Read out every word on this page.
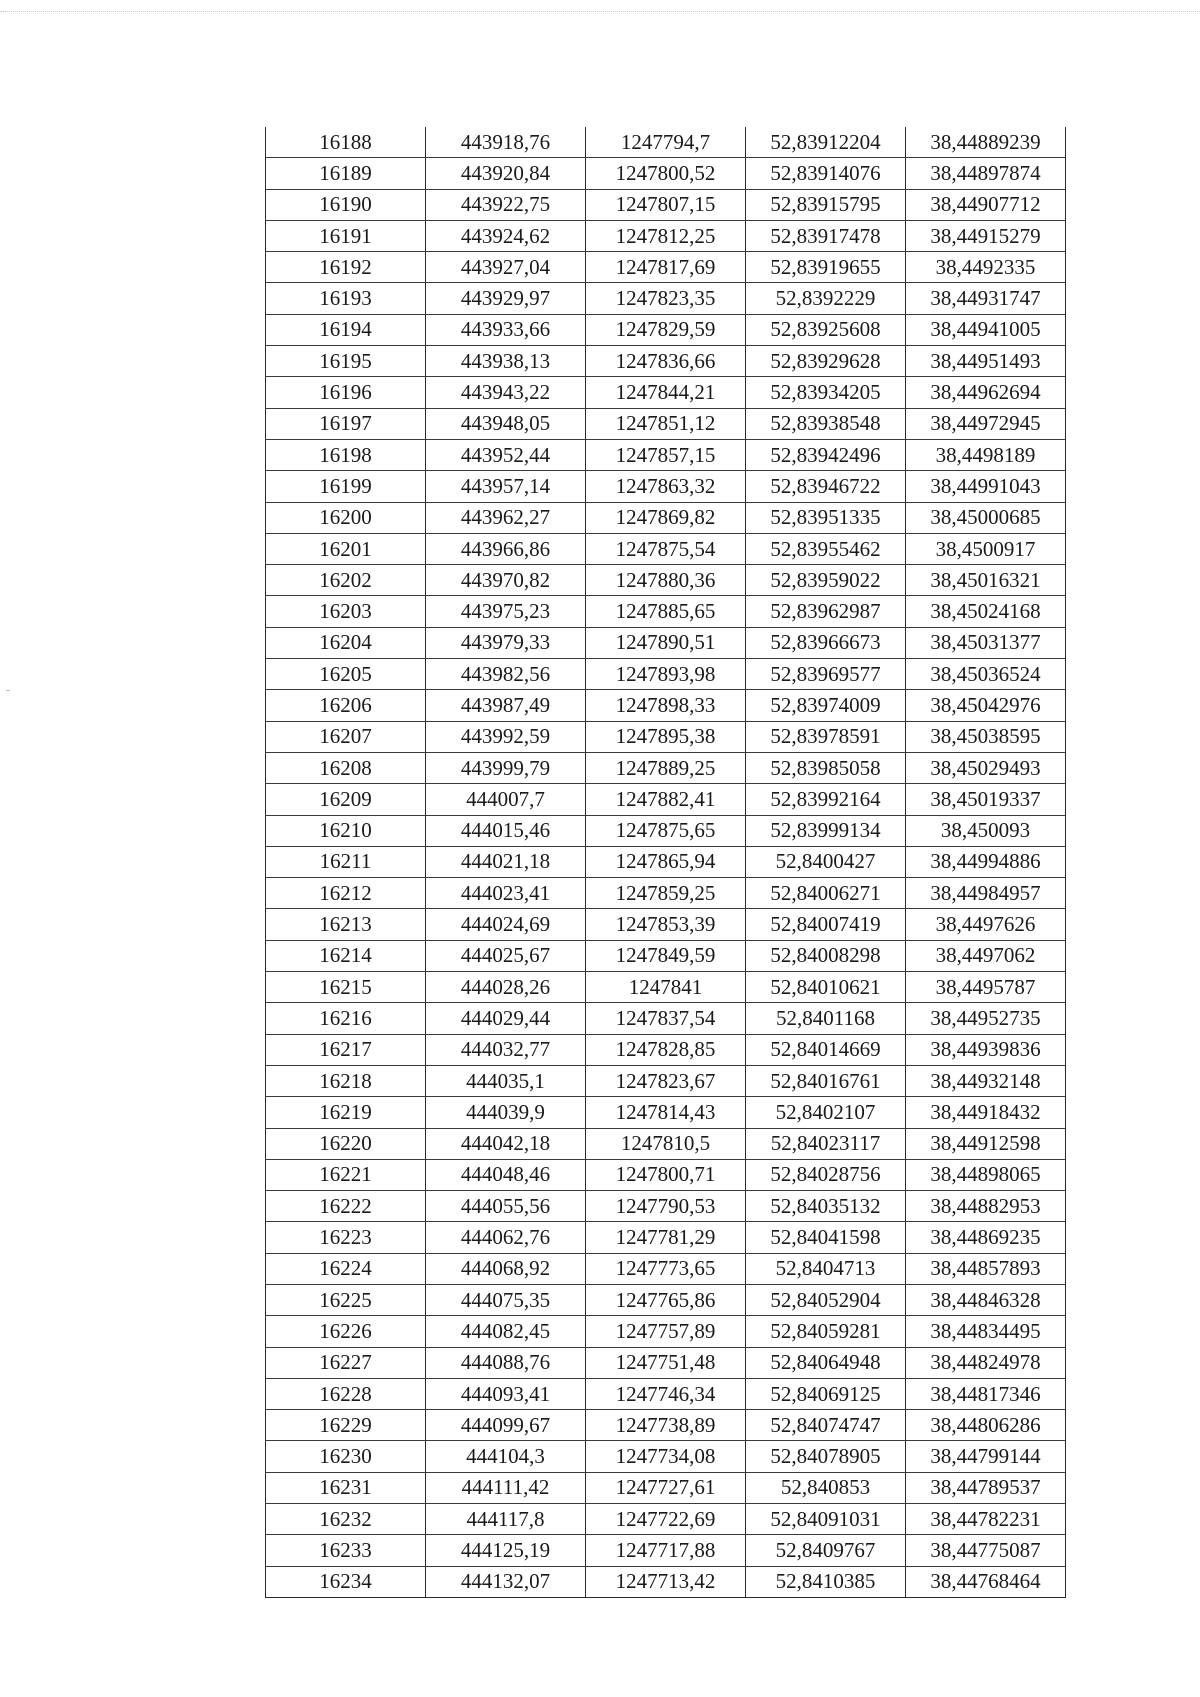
16188	443918,76	1247794,7	52,83912204	38,44889239
16189	443920,84	1247800,52	52,83914076	38,44897874
16190	443922,75	1247807,15	52,83915795	38,44907712
16191	443924,62	1247812,25	52,83917478	38,44915279
16192	443927,04	1247817,69	52,83919655	38,4492335
16193	443929,97	1247823,35	52,8392229	38,44931747
16194	443933,66	1247829,59	52,83925608	38,44941005
16195	443938,13	1247836,66	52,83929628	38,44951493
16196	443943,22	1247844,21	52,83934205	38,44962694
16197	443948,05	1247851,12	52,83938548	38,44972945
16198	443952,44	1247857,15	52,83942496	38,4498189
16199	443957,14	1247863,32	52,83946722	38,44991043
16200	443962,27	1247869,82	52,83951335	38,45000685
16201	443966,86	1247875,54	52,83955462	38,4500917
16202	443970,82	1247880,36	52,83959022	38,45016321
16203	443975,23	1247885,65	52,83962987	38,45024168
16204	443979,33	1247890,51	52,83966673	38,45031377
16205	443982,56	1247893,98	52,83969577	38,45036524
16206	443987,49	1247898,33	52,83974009	38,45042976
16207	443992,59	1247895,38	52,83978591	38,45038595
16208	443999,79	1247889,25	52,83985058	38,45029493
16209	444007,7	1247882,41	52,83992164	38,45019337
16210	444015,46	1247875,65	52,83999134	38,450093
16211	444021,18	1247865,94	52,8400427	38,44994886
16212	444023,41	1247859,25	52,84006271	38,44984957
16213	444024,69	1247853,39	52,84007419	38,4497626
16214	444025,67	1247849,59	52,84008298	38,4497062
16215	444028,26	1247841	52,84010621	38,4495787
16216	444029,44	1247837,54	52,8401168	38,44952735
16217	444032,77	1247828,85	52,84014669	38,44939836
16218	444035,1	1247823,67	52,84016761	38,44932148
16219	444039,9	1247814,43	52,8402107	38,44918432
16220	444042,18	1247810,5	52,84023117	38,44912598
16221	444048,46	1247800,71	52,84028756	38,44898065
16222	444055,56	1247790,53	52,84035132	38,44882953
16223	444062,76	1247781,29	52,84041598	38,44869235
16224	444068,92	1247773,65	52,8404713	38,44857893
16225	444075,35	1247765,86	52,84052904	38,44846328
16226	444082,45	1247757,89	52,84059281	38,44834495
16227	444088,76	1247751,48	52,84064948	38,44824978
16228	444093,41	1247746,34	52,84069125	38,44817346
16229	444099,67	1247738,89	52,84074747	38,44806286
16230	444104,3	1247734,08	52,84078905	38,44799144
16231	444111,42	1247727,61	52,840853	38,44789537
16232	444117,8	1247722,69	52,84091031	38,44782231
16233	444125,19	1247717,88	52,8409767	38,44775087
16234	444132,07	1247713,42	52,8410385	38,44768464
